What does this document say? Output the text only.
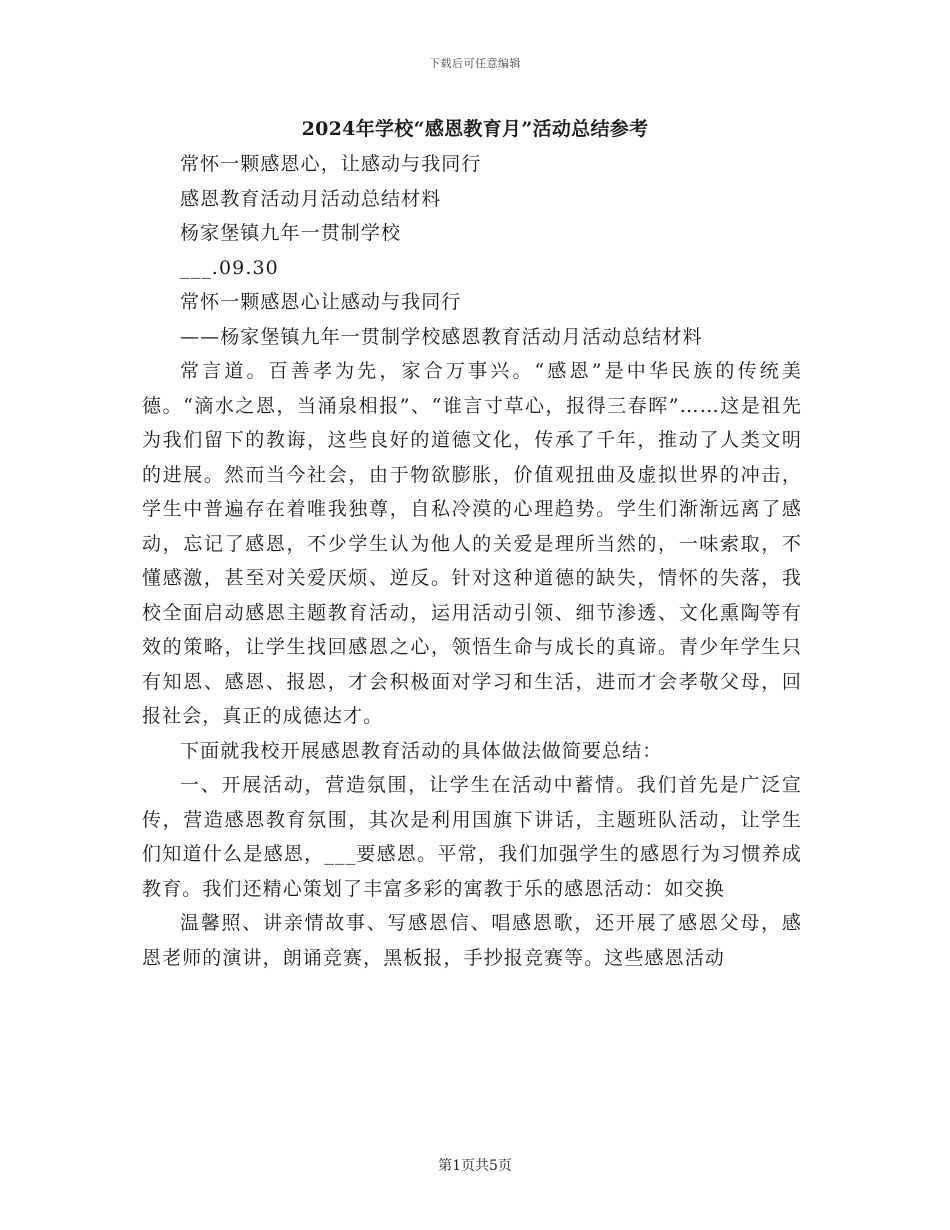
下载后可任意编辑
2024年学校“感恩教育月”活动总结参考

常怀一颗感恩心，让感动与我同行

感恩教育活动月活动总结材料

杨家堡镇九年一贯制学校

___.09.30

常怀一颗感恩心让感动与我同行

——杨家堡镇九年一贯制学校感恩教育活动月活动总结材料

常言道。百善孝为先，家合万事兴。“感恩”是中华民族的传统美德。“滴水之恩，当涌泉相报”、“谁言寸草心，报得三春晖”……这是祖先为我们留下的教诲，这些良好的道德文化，传承了千年，推动了人类文明的进展。然而当今社会，由于物欲膨胀，价值观扭曲及虚拟世界的冲击，学生中普遍存在着唯我独尊，自私冷漠的心理趋势。学生们渐渐远离了感动，忘记了感恩，不少学生认为他人的关爱是理所当然的，一味索取，不懂感激，甚至对关爱厌烦、逆反。针对这种道德的缺失，情怀的失落，我校全面启动感恩主题教育活动，运用活动引领、细节渗透、文化熏陶等有效的策略，让学生找回感恩之心，领悟生命与成长的真谛。青少年学生只有知恩、感恩、报恩，才会积极面对学习和生活，进而才会孝敬父母，回报社会，真正的成德达才。

下面就我校开展感恩教育活动的具体做法做简要总结：

一、开展活动，营造氛围，让学生在活动中蓄情。我们首先是广泛宣传，营造感恩教育氛围，其次是利用国旗下讲话，主题班队活动，让学生们知道什么是感恩，___要感恩。平常，我们加强学生的感恩行为习惯养成教育。我们还精心策划了丰富多彩的寓教于乐的感恩活动：如交换

温馨照、讲亲情故事、写感恩信、唱感恩歌，还开展了感恩父母，感恩老师的演讲，朗诵竞赛，黑板报，手抄报竞赛等。这些感恩活动

第1页共5页
